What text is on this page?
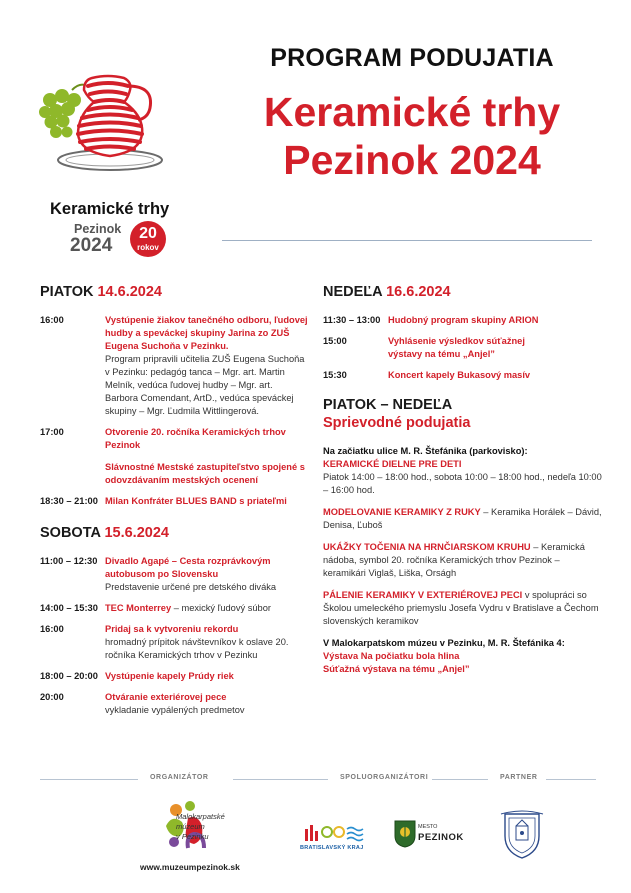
Keramické trhy
Pezinok
2024
20
rokov
PROGRAM PODUJATIA
Keramické trhy
Pezinok 2024
PIATOK 14.6.2024
16:00	Vystúpenie žiakov tanečného odboru, ľudovej hudby a speváckej skupiny Jarina zo ZUŠ Eugena Suchoňa v Pezinku.
Program pripravili učitelia ZUŠ Eugena Suchoňa v Pezinku: pedagóg tanca – Mgr. art. Martin Melník, vedúca ľudovej hudby – Mgr. art. Barbora Comendant, ArtD., vedúca speváckej skupiny – Mgr. Ľudmila Wittlingerová.
17:00	Otvorenie 20. ročníka Keramických trhov Pezinok
Slávnostné Mestské zastupiteľstvo spojené s odovzdávaním mestských ocenení
18:30 – 21:00 Milan Konfráter BLUES BAND s priateľmi
SOBOTA 15.6.2024
11:00 – 12:30 Divadlo Agapé – Cesta rozprávkovým autobusom po Slovensku
Predstavenie určené pre detského diváka
14:00 – 15:30 TEC Monterrey – mexický ľudový súbor
16:00	Pridaj sa k vytvoreniu rekordu
hromadný prípitok návštevníkov k oslave 20. ročníka Keramických trhov v Pezinku
18:00 – 20:00 Vystúpenie kapely Prúdy riek
20:00	Otváranie exteriérovej pece
vykladanie vypálených predmetov
NEDEĽA 16.6.2024
11:30 – 13:00 Hudobný program skupiny ARION
15:00	Vyhlásenie výsledkov súťažnej výstavy na tému „Anjel”
15:30	Koncert kapely Bukasový masív
PIATOK – NEDEĽA
Sprievodné podujatia
Na začiatku ulice M. R. Štefánika (parkovisko):
KERAMICKÉ DIELNE PRE DETI
Piatok 14:00 – 18:00 hod., sobota 10:00 – 18:00 hod., nedeľa 10:00 – 16:00 hod.
MODELOVANIE KERAMIKY Z RUKY – Keramika Horálek – Dávid, Denisa, Ľuboš
UKÁŽKY TOČENIA NA HRNČIARSKOM KRUHU – Keramická nádoba, symbol 20. ročníka Keramických trhov Pezinok – keramikári Viglaš, Liška, Orságh
PÁLENIE KERAMIKY V EXTERIÉROVEJ PECI v spolupráci so Školou umeleckého priemyslu Josefa Vydru v Bratislave a Čechom slovenských keramikov
V Malokarpatskom múzeu v Pezinku, M. R. Štefánika 4:
Výstava Na počiatku bola hlina
Súťažná výstava na tému „Anjel”
ORGANIZÁTOR	SPOLUORGANIZÁTORI	PARTNER
Malokarpatské
múzeum
v Pezinku
www.muzeumpezinok.sk
BRATISLAVSKÝ KRAJ
MESTO
PEZINOK
